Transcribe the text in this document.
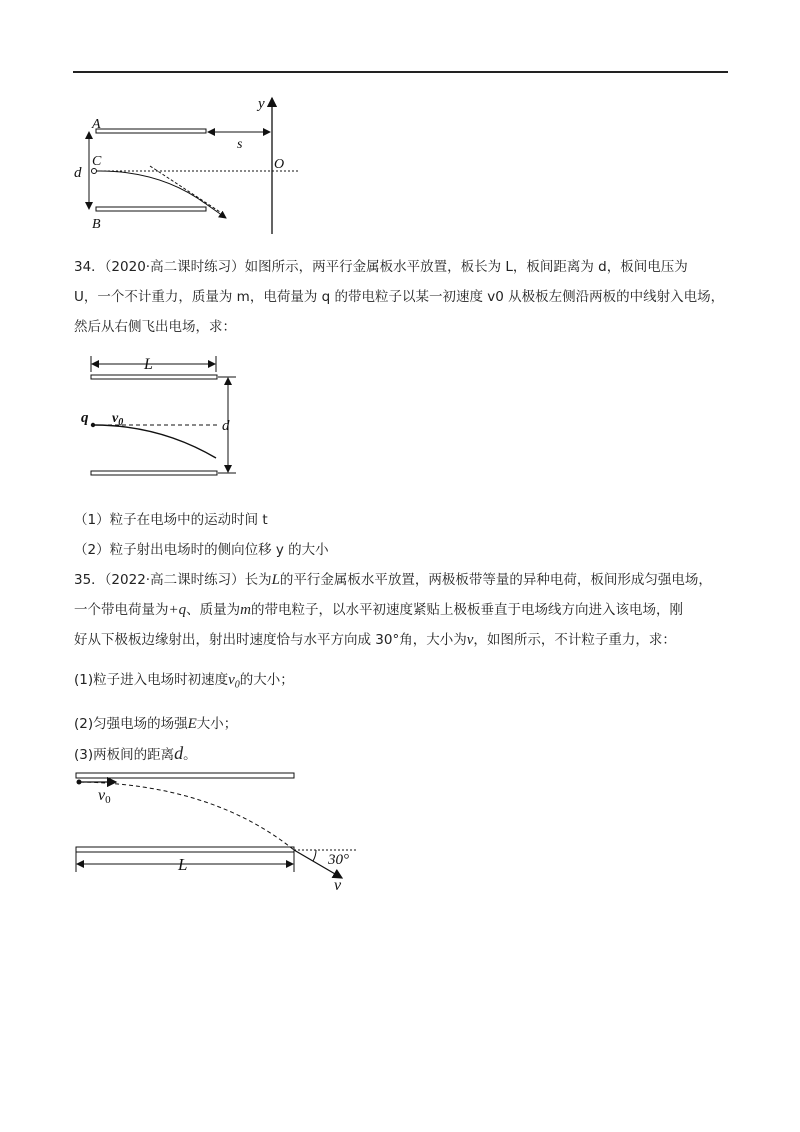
A
C
d
B
s
O
y

34．（2020·高二课时练习）如图所示，两平行金属板水平放置，板长为 L，板间距离为 d，板间电压为

U，一个不计重力，质量为 m，电荷量为 q 的带电粒子以某一初速度 v0 从极板左侧沿两板的中线射入电场，

然后从右侧飞出电场，求：

L
q $v_0$	d

（1）粒子在电场中的运动时间 t

（2）粒子射出电场时的侧向位移 y 的大小

35．（2022·高二课时练习）长为L的平行金属板水平放置，两极板带等量的异种电荷，板间形成匀强电场，

一个带电荷量为+q、质量为m的带电粒子，以水平初速度紧贴上极板垂直于电场线方向进入该电场，刚

好从下极板边缘射出，射出时速度恰与水平方向成 30°角，大小为v，如图所示，不计粒子重力，求：

(1)粒子进入电场时初速度$v_0$的大小；

(2)匀强电场的场强E大小；

(3)两板间的距离d。

v0
L	30°
v
